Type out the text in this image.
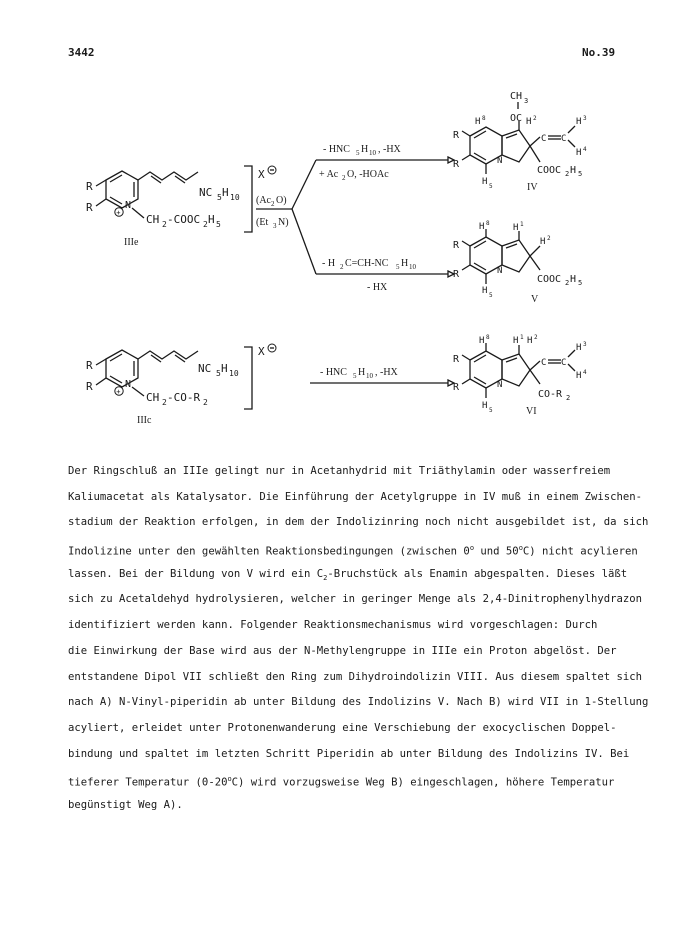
3442	No.39
R
R	+
N
NC 5 H 10
CH 2 -COOC 2 H 5
IIIe
X
(Ac 2 O)
(Et 3 N)
- HNC 5 H 10 , -HX
+ Ac 2 O, -HOAc
- H 2 C=CH-NC 5 H 10
- HX
R
R	N
H 8
H 5
OC
CH 3
H 2
C C
H 3
H 4
COOC 2 H 5
IV
R
R	N
H 8	H 1
H 2
COOC 2 H 5
H 5	V
R
R	+
N
NC 5 H 10
CH 2 -CO-R 2
IIIc
X
- HNC 5 H 10 , -HX
R
R	N
H 8	H 1 H 2
C C
H 3
H 4
CO-R 2
H 5	VI
Der Ringschluß an IIIe gelingt nur in Acetanhydrid mit Triäthylamin oder wasserfreiem
Kaliumacetat als Katalysator. Die Einführung der Acetylgruppe in IV muß in einem Zwischen-
stadium der Reaktion erfolgen, in dem der Indolizinring noch nicht ausgebildet ist, da sich
Indolizine unter den gewählten Reaktionsbedingungen (zwischen 0$^o$ und 50$^o$C) nicht acylieren
lassen. Bei der Bildung von V wird ein $C_2$-Bruchstück als Enamin abgespalten. Dieses läßt
sich zu Acetaldehyd hydrolysieren, welcher in geringer Menge als 2,4-Dinitrophenylhydrazon
identifiziert werden kann. Folgender Reaktionsmechanismus wird vorgeschlagen: Durch
die Einwirkung der Base wird aus der N-Methylengruppe in IIIe ein Proton abgelöst. Der
entstandene Dipol VII schließt den Ring zum Dihydroindolizin VIII. Aus diesem spaltet sich
nach A) N-Vinyl-piperidin ab unter Bildung des Indolizins V. Nach B) wird VII in 1-Stellung
acyliert, erleidet unter Protonenwanderung eine Verschiebung der exocyclischen Doppel-
bindung und spaltet im letzten Schritt Piperidin ab unter Bildung des Indolizins IV. Bei
tieferer Temperatur (0-20$^o$C) wird vorzugsweise Weg B) eingeschlagen, höhere Temperatur
begünstigt Weg A).
